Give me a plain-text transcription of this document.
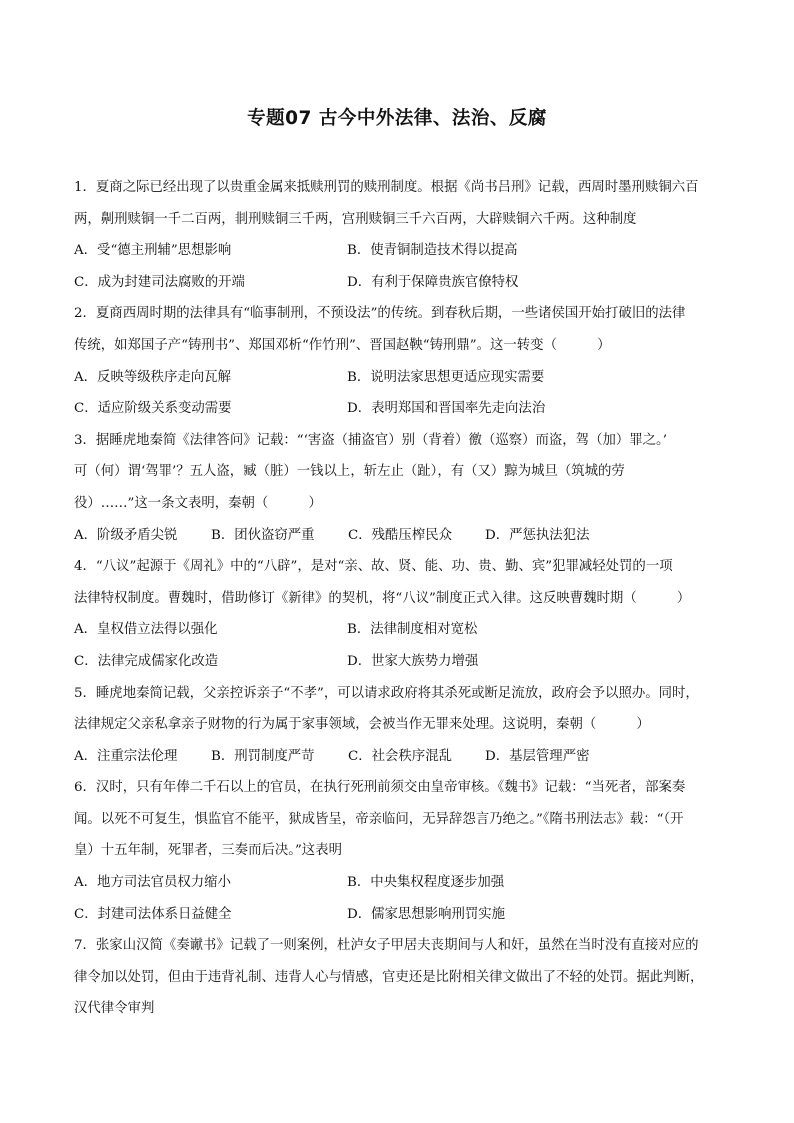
专题07 古今中外法律、法治、反腐
1．夏商之际已经出现了以贵重金属来抵赎刑罚的赎刑制度。根据《尚书吕刑》记载，西周时墨刑赎铜六百
两，劓刑赎铜一千二百两，剕刑赎铜三千两，宫刑赎铜三千六百两，大辟赎铜六千两。这种制度
A．受“德主刑辅”思想影响	B．使青铜制造技术得以提高
C．成为封建司法腐败的开端	D．有利于保障贵族官僚特权
2．夏商西周时期的法律具有“临事制刑，不预设法”的传统。到春秋后期，一些诸侯国开始打破旧的法律
传统，如郑国子产“铸刑书”、郑国邓析“作竹刑”、晋国赵鞅“铸刑鼎”。这一转变（　　　）
A．反映等级秩序走向瓦解	B．说明法家思想更适应现实需要
C．适应阶级关系变动需要	D．表明郑国和晋国率先走向法治
3．据睡虎地秦简《法律答问》记载：“‘害盗（捕盗官）别（背着）徼（巡察）而盗，驾（加）罪之。’
可（何）谓‘驾罪’？五人盗，臧（脏）一钱以上，斩左止（趾），有（又）黥为城旦（筑城的劳
役）……”这一条文表明，秦朝（　　　）
A．阶级矛盾尖锐	B．团伙盗窃严重	C．残酷压榨民众	D．严惩执法犯法
4．“八议”起源于《周礼》中的“八辟”，是对“亲、故、贤、能、功、贵、勤、宾”犯罪减轻处罚的一项
法律特权制度。曹魏时，借助修订《新律》的契机，将“八议”制度正式入律。这反映曹魏时期（　　　）
A．皇权借立法得以强化	B．法律制度相对宽松
C．法律完成儒家化改造	D．世家大族势力增强
5．睡虎地秦简记载，父亲控诉亲子“不孝”，可以请求政府将其杀死或断足流放，政府会予以照办。同时，
法律规定父亲私拿亲子财物的行为属于家事领域，会被当作无罪来处理。这说明，秦朝（　　　）
A．注重宗法伦理	B．刑罚制度严苛	C．社会秩序混乱	D．基层管理严密
6．汉时，只有年俸二千石以上的官员，在执行死刑前须交由皇帝审核。《魏书》记载：“当死者，部案奏
闻。以死不可复生，惧监官不能平，狱成皆呈，帝亲临问，无异辞怨言乃绝之。”《隋书刑法志》载：“（开
皇）十五年制，死罪者，三奏而后决。”这表明
A．地方司法官员权力缩小	B．中央集权程度逐步加强
C．封建司法体系日益健全	D．儒家思想影响刑罚实施
7．张家山汉简《奏谳书》记载了一则案例，杜泸女子甲居夫丧期间与人和奸，虽然在当时没有直接对应的
律令加以处罚，但由于违背礼制、违背人心与情感，官吏还是比附相关律文做出了不轻的处罚。据此判断，
汉代律令审判
